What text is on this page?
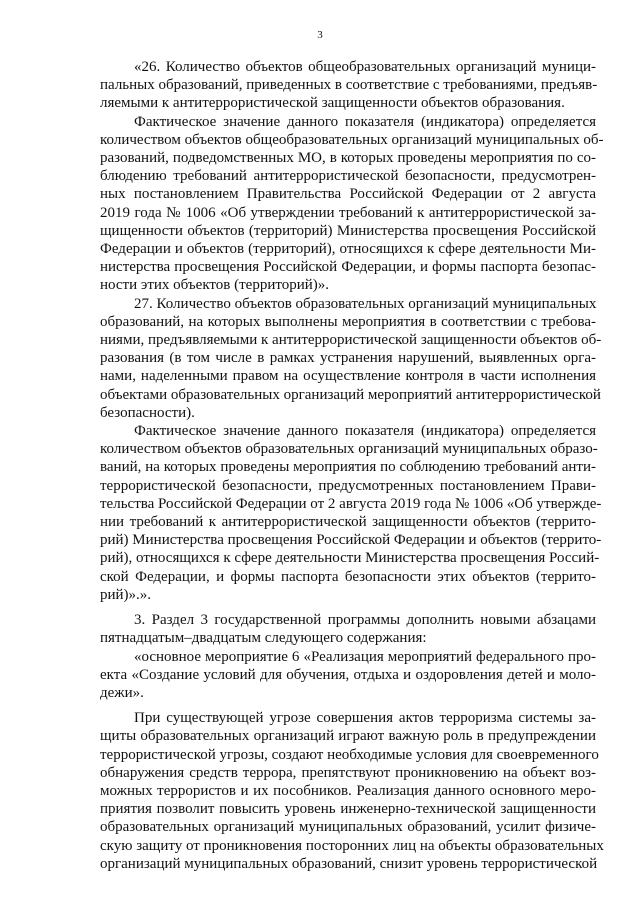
3
«26. Количество объектов общеобразовательных организаций муници-
пальных образований, приведенных в соответствие с требованиями, предъяв-
ляемыми к антитеррористической защищенности объектов образования.
Фактическое значение данного показателя (индикатора) определяется
количеством объектов общеобразовательных организаций муниципальных об-
разований, подведомственных МО, в которых проведены мероприятия по со-
блюдению требований антитеррористической безопасности, предусмотрен-
ных постановлением Правительства Российской Федерации от 2 августа
2019 года № 1006 «Об утверждении требований к антитеррористической за-
щищенности объектов (территорий) Министерства просвещения Российской
Федерации и объектов (территорий), относящихся к сфере деятельности Ми-
нистерства просвещения Российской Федерации, и формы паспорта безопас-
ности этих объектов (территорий)».
27. Количество объектов образовательных организаций муниципальных
образований, на которых выполнены мероприятия в соответствии с требова-
ниями, предъявляемыми к антитеррористической защищенности объектов об-
разования (в том числе в рамках устранения нарушений, выявленных орга-
нами, наделенными правом на осуществление контроля в части исполнения
объектами образовательных организаций мероприятий антитеррористической
безопасности).
Фактическое значение данного показателя (индикатора) определяется
количеством объектов образовательных организаций муниципальных образо-
ваний, на которых проведены мероприятия по соблюдению требований анти-
террористической безопасности, предусмотренных постановлением Прави-
тельства Российской Федерации от 2 августа 2019 года № 1006 «Об утвержде-
нии требований к антитеррористической защищенности объектов (террито-
рий) Министерства просвещения Российской Федерации и объектов (террито-
рий), относящихся к сфере деятельности Министерства просвещения Россий-
ской Федерации, и формы паспорта безопасности этих объектов (террито-
рий)».».
3. Раздел 3 государственной программы дополнить новыми абзацами
пятнадцатым–двадцатым следующего содержания:
«основное мероприятие 6 «Реализация мероприятий федерального про-
екта «Создание условий для обучения, отдыха и оздоровления детей и моло-
дежи».
При существующей угрозе совершения актов терроризма системы за-
щиты образовательных организаций играют важную роль в предупреждении
террористической угрозы, создают необходимые условия для своевременного
обнаружения средств террора, препятствуют проникновению на объект воз-
можных террористов и их пособников. Реализация данного основного меро-
приятия позволит повысить уровень инженерно-технической защищенности
образовательных организаций муниципальных образований, усилит физиче-
скую защиту от проникновения посторонних лиц на объекты образовательных
организаций муниципальных образований, снизит уровень террористической
